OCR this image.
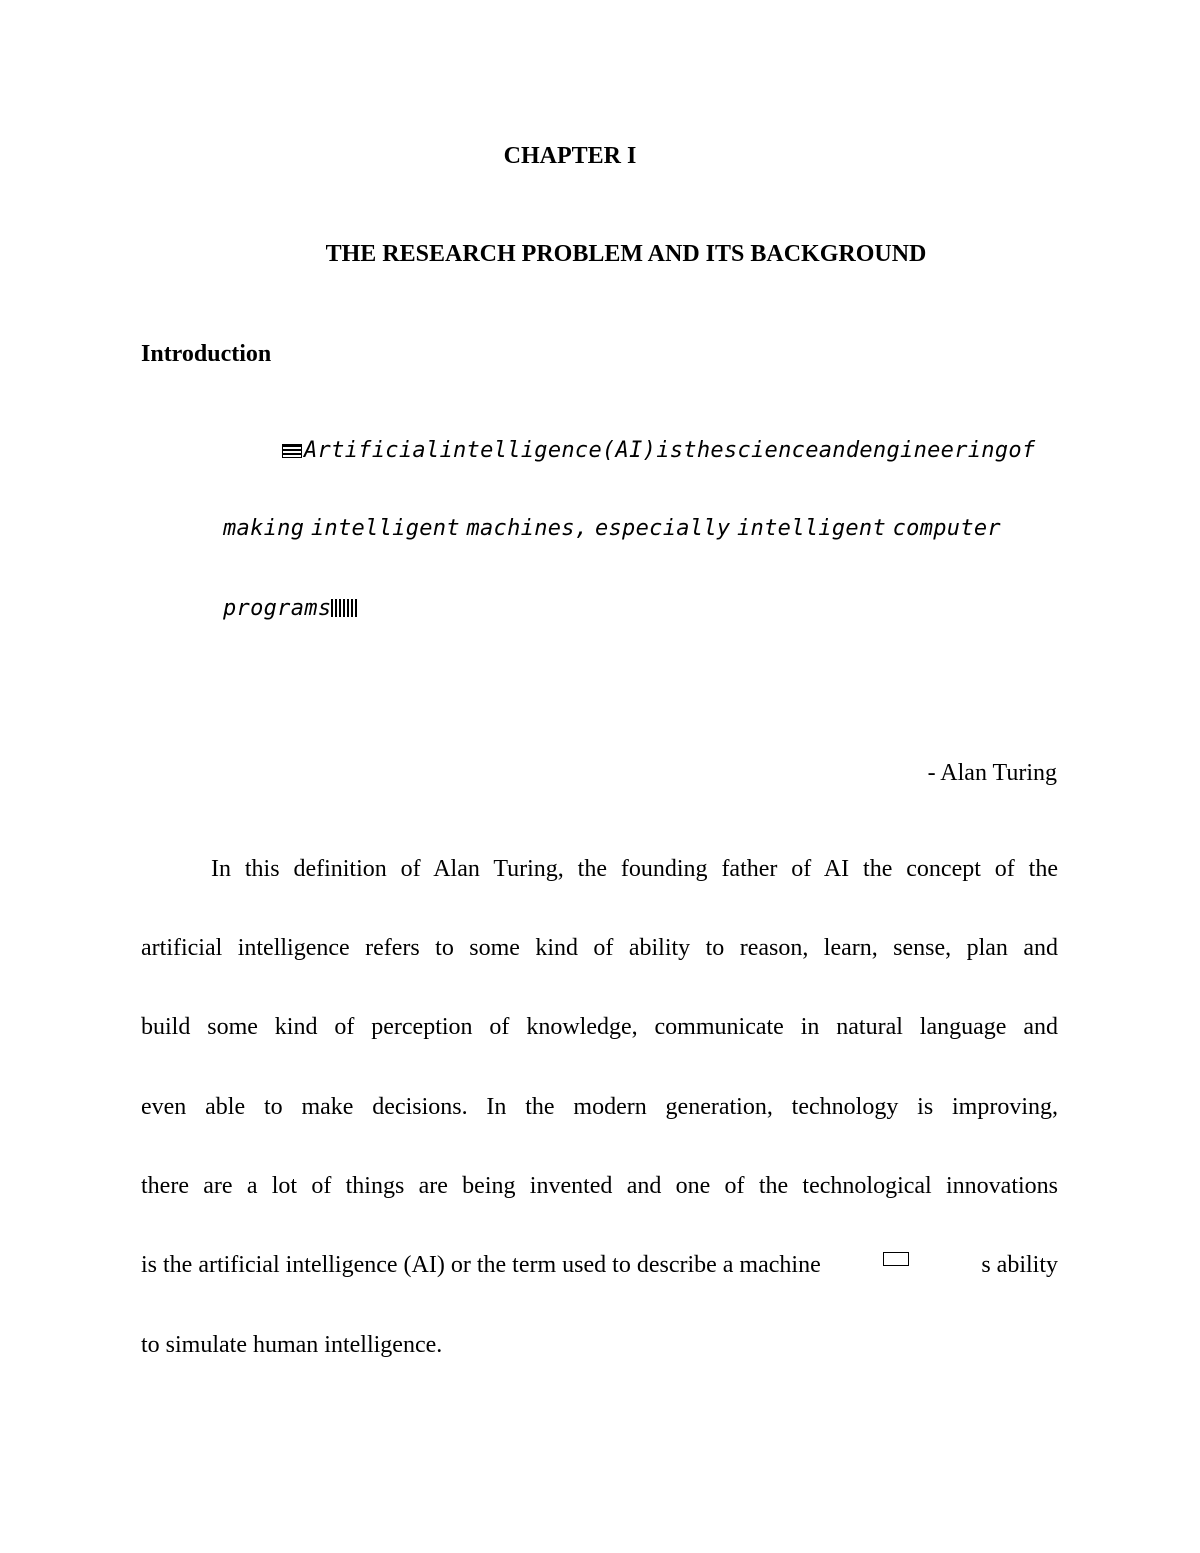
CHAPTER I
THE RESEARCH PROBLEM AND ITS BACKGROUND
Introduction
Artificial intelligence (AI) is the science and engineering of
making intelligent machines, especially intelligent computer
programs
- Alan Turing
In this definition of Alan Turing, the founding father of AI the concept of the
artificial intelligence refers to some kind of ability to reason, learn, sense, plan and
build some kind of perception of knowledge, communicate in natural language and
even able to make decisions. In the modern generation, technology is improving,
there are a lot of things are being invented and one of the technological innovations
is the artificial intelligence (AI) or the term used to describe a machine	s ability
to simulate human intelligence.
